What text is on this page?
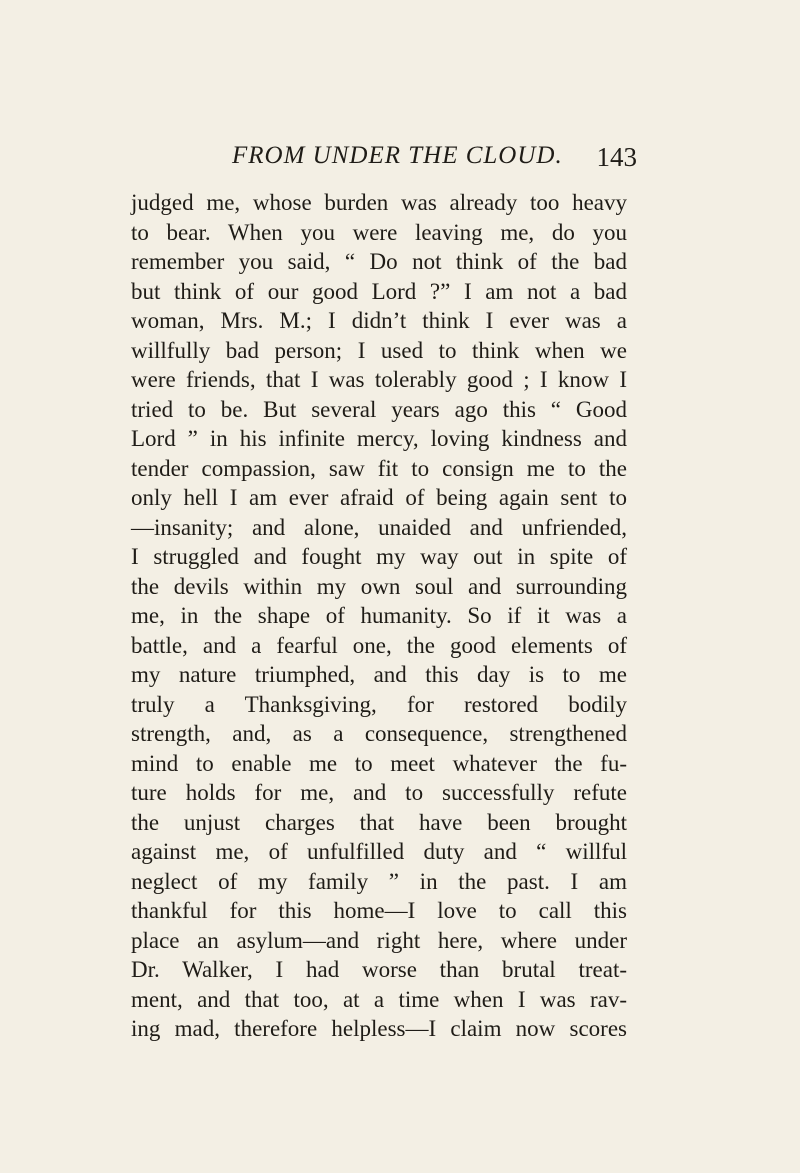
FROM UNDER THE CLOUD.	143
judged me, whose burden was already too heavy
to bear. When you were leaving me, do you
remember you said, “ Do not think of the bad
but think of our good Lord ?” I am not a bad
woman, Mrs. M.; I didn’t think I ever was a
willfully bad person; I used to think when we
were friends, that I was tolerably good ; I know I
tried to be. But several years ago this “ Good
Lord ” in his infinite mercy, loving kindness and
tender compassion, saw fit to consign me to the
only hell I am ever afraid of being again sent to
—insanity; and alone, unaided and unfriended,
I struggled and fought my way out in spite of
the devils within my own soul and surrounding
me, in the shape of humanity. So if it was a
battle, and a fearful one, the good elements of
my nature triumphed, and this day is to me
truly a Thanksgiving, for restored bodily
strength, and, as a consequence, strengthened
mind to enable me to meet whatever the fu-
ture holds for me, and to successfully refute
the unjust charges that have been brought
against me, of unfulfilled duty and “ willful
neglect of my family ” in the past. I am
thankful for this home—I love to call this
place an asylum—and right here, where under
Dr. Walker, I had worse than brutal treat-
ment, and that too, at a time when I was rav-
ing mad, therefore helpless—I claim now scores
